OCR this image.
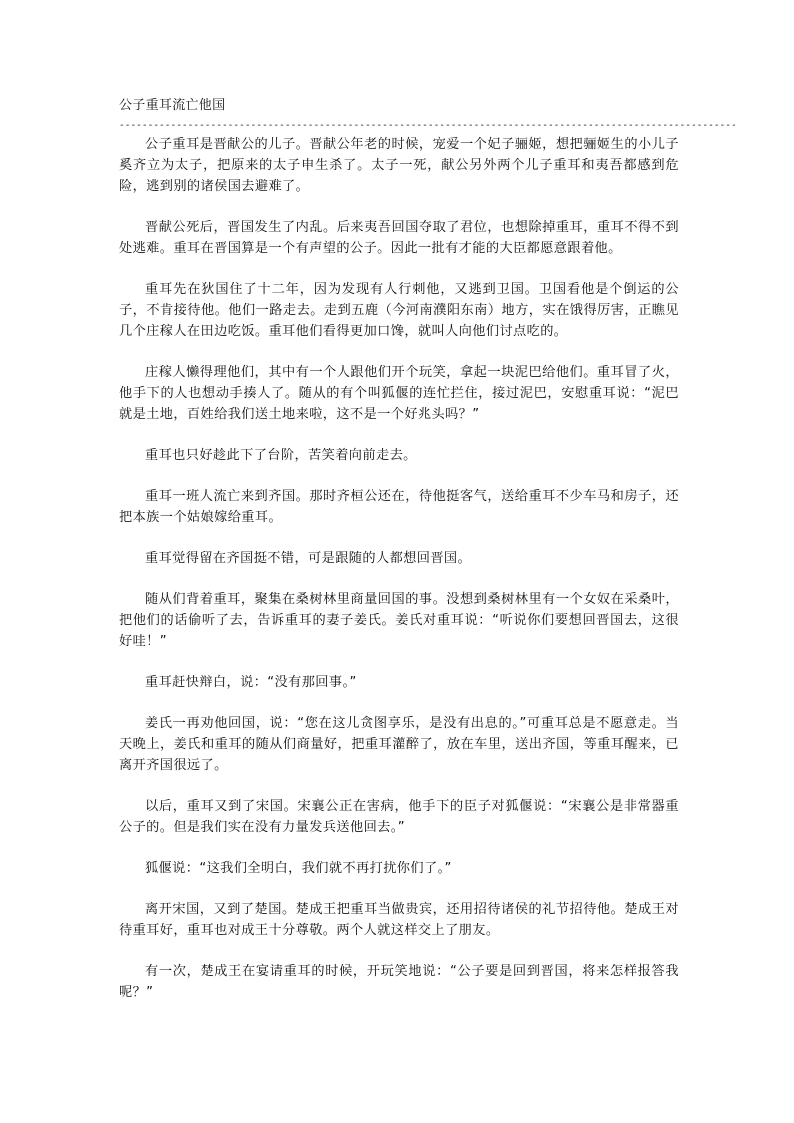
公子重耳流亡他国
------------------------------------------------------------------------------------------------------------

公子重耳是晋献公的儿子。晋献公年老的时候，宠爱一个妃子骊姬，想把骊姬生的小儿子奚齐立为太子，把原来的太子申生杀了。太子一死，献公另外两个儿子重耳和夷吾都感到危险，逃到别的诸侯国去避难了。

晋献公死后，晋国发生了内乱。后来夷吾回国夺取了君位，也想除掉重耳，重耳不得不到处逃难。重耳在晋国算是一个有声望的公子。因此一批有才能的大臣都愿意跟着他。

重耳先在狄国住了十二年，因为发现有人行刺他，又逃到卫国。卫国看他是个倒运的公子，不肯接待他。他们一路走去。走到五鹿（今河南濮阳东南）地方，实在饿得厉害，正瞧见几个庄稼人在田边吃饭。重耳他们看得更加口馋，就叫人向他们讨点吃的。

庄稼人懒得理他们，其中有一个人跟他们开个玩笑，拿起一块泥巴给他们。重耳冒了火，他手下的人也想动手揍人了。随从的有个叫狐偃的连忙拦住，接过泥巴，安慰重耳说：“泥巴就是土地，百姓给我们送土地来啦，这不是一个好兆头吗？”

重耳也只好趁此下了台阶，苦笑着向前走去。

重耳一班人流亡来到齐国。那时齐桓公还在，待他挺客气，送给重耳不少车马和房子，还把本族一个姑娘嫁给重耳。

重耳觉得留在齐国挺不错，可是跟随的人都想回晋国。

随从们背着重耳，聚集在桑树林里商量回国的事。没想到桑树林里有一个女奴在采桑叶，把他们的话偷听了去，告诉重耳的妻子姜氏。姜氏对重耳说：“听说你们要想回晋国去，这很好哇！”

重耳赶快辩白，说：“没有那回事。”

姜氏一再劝他回国，说：“您在这儿贪图享乐，是没有出息的。”可重耳总是不愿意走。当天晚上，姜氏和重耳的随从们商量好，把重耳灌醉了，放在车里，送出齐国，等重耳醒来，已离开齐国很远了。

以后，重耳又到了宋国。宋襄公正在害病，他手下的臣子对狐偃说：“宋襄公是非常器重公子的。但是我们实在没有力量发兵送他回去。”

狐偃说：“这我们全明白，我们就不再打扰你们了。”

离开宋国，又到了楚国。楚成王把重耳当做贵宾，还用招待诸侯的礼节招待他。楚成王对待重耳好，重耳也对成王十分尊敬。两个人就这样交上了朋友。

有一次，楚成王在宴请重耳的时候，开玩笑地说：“公子要是回到晋国，将来怎样报答我呢？”
